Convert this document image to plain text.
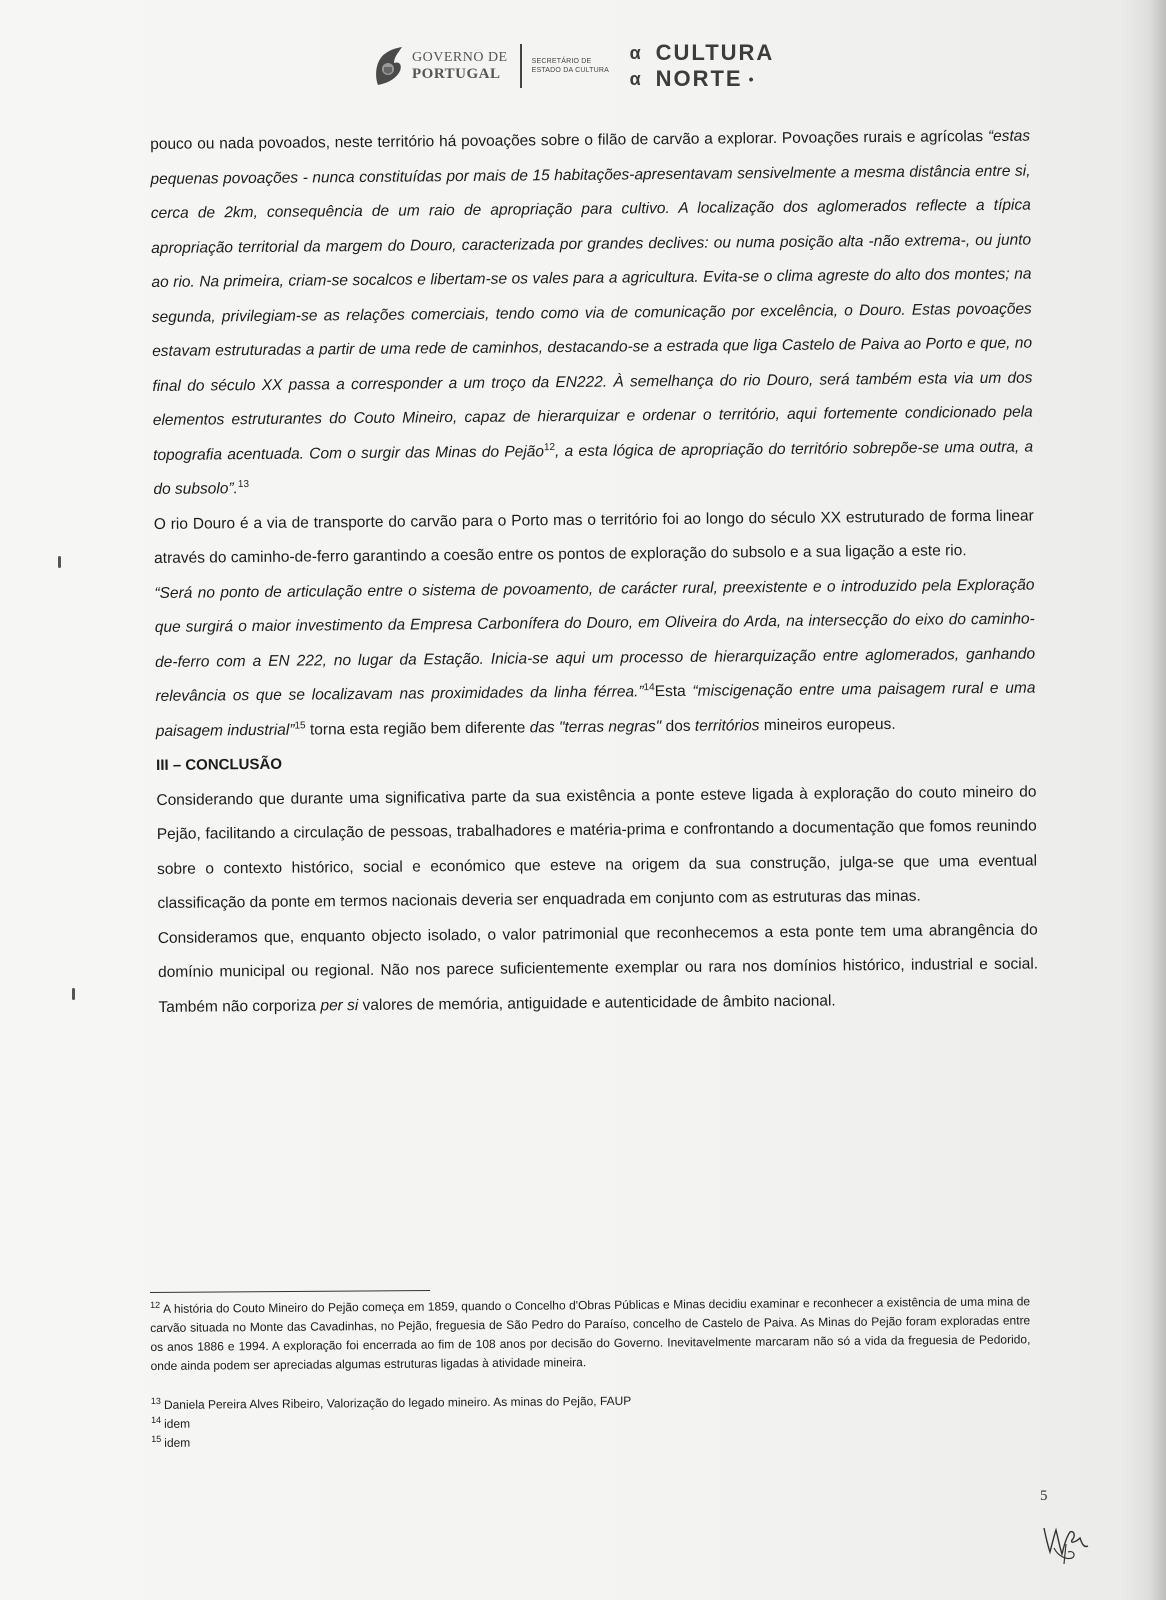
GOVERNO DE
PORTUGAL
SECRETÁRIO DE ESTADO DA CULTURA
α CULTURA
α NORTE •

pouco ou nada povoados, neste território há povoações sobre o filão de carvão a explorar. Povoações rurais e agrícolas “estas pequenas povoações - nunca constituídas por mais de 15 habitações-apresentavam sensivelmente a mesma distância entre si, cerca de 2km, consequência de um raio de apropriação para cultivo. A localização dos aglomerados reflecte a típica apropriação territorial da margem do Douro, caracterizada por grandes declives: ou numa posição alta -não extrema-, ou junto ao rio. Na primeira, criam-se socalcos e libertam-se os vales para a agricultura. Evita-se o clima agreste do alto dos montes; na segunda, privilegiam-se as relações comerciais, tendo como via de comunicação por excelência, o Douro. Estas povoações estavam estruturadas a partir de uma rede de caminhos, destacando-se a estrada que liga Castelo de Paiva ao Porto e que, no final do século XX passa a corresponder a um troço da EN222. À semelhança do rio Douro, será também esta via um dos elementos estruturantes do Couto Mineiro, capaz de hierarquizar e ordenar o território, aqui fortemente condicionado pela topografia acentuada. Com o surgir das Minas do Pejão$^{12}$, a esta lógica de apropriação do território sobrepõe-se uma outra, a do subsolo”.$^{13}$

O rio Douro é a via de transporte do carvão para o Porto mas o território foi ao longo do século XX estruturado de forma linear através do caminho-de-ferro garantindo a coesão entre os pontos de exploração do subsolo e a sua ligação a este rio.

“Será no ponto de articulação entre o sistema de povoamento, de carácter rural, preexistente e o introduzido pela Exploração que surgirá o maior investimento da Empresa Carbonífera do Douro, em Oliveira do Arda, na intersecção do eixo do caminho-de-ferro com a EN 222, no lugar da Estação. Inicia-se aqui um processo de hierarquização entre aglomerados, ganhando relevância os que se localizavam nas proximidades da linha férrea.”$^{14}$Esta “miscigenação entre uma paisagem rural e uma paisagem industrial”$^{15}$ torna esta região bem diferente das "terras negras" dos territórios mineiros europeus.

III – CONCLUSÃO

Considerando que durante uma significativa parte da sua existência a ponte esteve ligada à exploração do couto mineiro do Pejão, facilitando a circulação de pessoas, trabalhadores e matéria-prima e confrontando a documentação que fomos reunindo sobre o contexto histórico, social e económico que esteve na origem da sua construção, julga-se que uma eventual classificação da ponte em termos nacionais deveria ser enquadrada em conjunto com as estruturas das minas.

Consideramos que, enquanto objecto isolado, o valor patrimonial que reconhecemos a esta ponte tem uma abrangência do domínio municipal ou regional. Não nos parece suficientemente exemplar ou rara nos domínios histórico, industrial e social. Também não corporiza per si valores de memória, antiguidade e autenticidade de âmbito nacional.

$^{12}$ A história do Couto Mineiro do Pejão começa em 1859, quando o Concelho d'Obras Públicas e Minas decidiu examinar e reconhecer a existência de uma mina de carvão situada no Monte das Cavadinhas, no Pejão, freguesia de São Pedro do Paraíso, concelho de Castelo de Paiva. As Minas do Pejão foram exploradas entre os anos 1886 e 1994. A exploração foi encerrada ao fim de 108 anos por decisão do Governo. Inevitavelmente marcaram não só a vida da freguesia de Pedorido, onde ainda podem ser apreciadas algumas estruturas ligadas à atividade mineira.

$^{13}$ Daniela Pereira Alves Ribeiro, Valorização do legado mineiro. As minas do Pejão, FAUP

$^{14}$ idem

$^{15}$ idem

5
